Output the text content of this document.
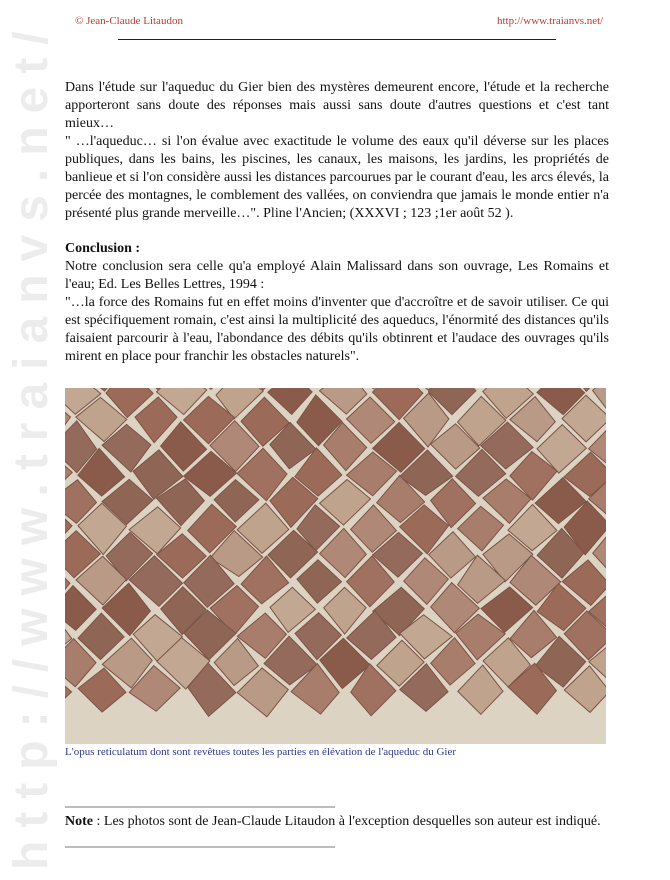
http://www.traianvs.net/	© Jean-Claude Litaudon	http://www.traianvs.net/
Dans l'étude sur l'aqueduc du Gier bien des mystères demeurent encore, l'étude et la recherche apporteront sans doute des réponses mais aussi sans doute d'autres questions et c'est tant mieux…
" …l'aqueduc… si l'on évalue avec exactitude le volume des eaux qu'il déverse sur les places publiques, dans les bains, les piscines, les canaux, les maisons, les jardins, les propriétés de banlieue et si l'on considère aussi les distances parcourues par le courant d'eau, les arcs élevés, la percée des montagnes, le comblement des vallées, on conviendra que jamais le monde entier n'a présenté plus grande merveille…". Pline l'Ancien; (XXXVI ; 123 ;1er août 52 ).
Conclusion :
Notre conclusion sera celle qu'a employé Alain Malissard dans son ouvrage, Les Romains et l'eau; Ed. Les Belles Lettres, 1994 :
"…la force des Romains fut en effet moins d'inventer que d'accroître et de savoir utiliser. Ce qui est spécifiquement romain, c'est ainsi la multiplicité des aqueducs, l'énormité des distances qu'ils faisaient parcourir à l'eau, l'abondance des débits qu'ils obtinrent et l'audace des ouvrages qu'ils mirent en place pour franchir les obstacles naturels".
L'opus reticulatum dont sont revêtues toutes les parties en élévation de l'aqueduc du Gier
Note : Les photos sont de Jean-Claude Litaudon à l'exception desquelles son auteur est indiqué.
